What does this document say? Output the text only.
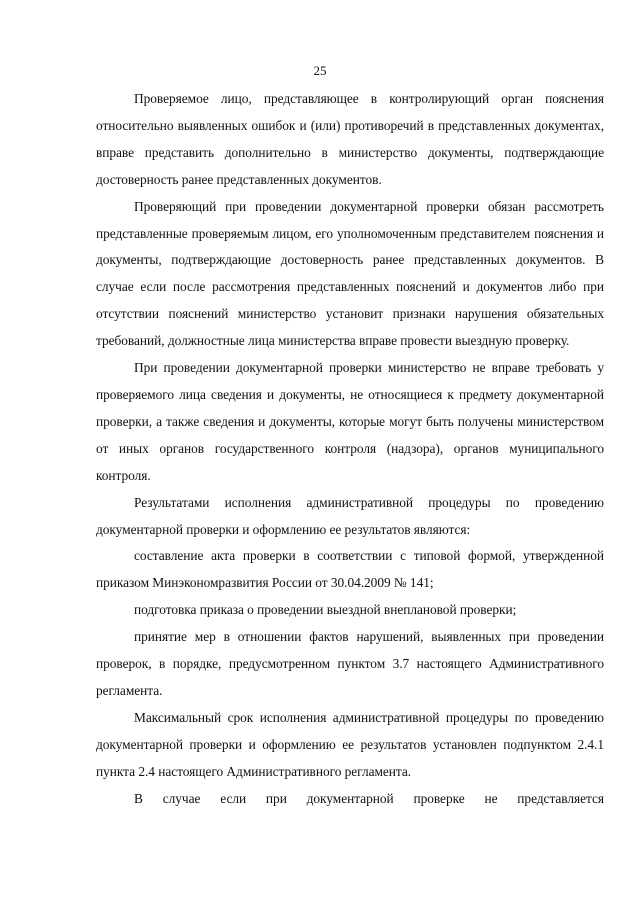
25

Проверяемое лицо, представляющее в контролирующий орган пояснения относительно выявленных ошибок и (или) противоречий в представленных документах, вправе представить дополнительно в министерство документы, подтверждающие достоверность ранее представленных документов.

Проверяющий при проведении документарной проверки обязан рассмотреть представленные проверяемым лицом, его уполномоченным представителем пояснения и документы, подтверждающие достоверность ранее представленных документов. В случае если после рассмотрения представленных пояснений и документов либо при отсутствии пояснений министерство установит признаки нарушения обязательных требований, должностные лица министерства вправе провести выездную проверку.

При проведении документарной проверки министерство не вправе требовать у проверяемого лица сведения и документы, не относящиеся к предмету документарной проверки, а также сведения и документы, которые могут быть получены министерством от иных органов государственного контроля (надзора), органов муниципального контроля.

Результатами исполнения административной процедуры по проведению документарной проверки и оформлению ее результатов являются:

составление акта проверки в соответствии с типовой формой, утвержденной приказом Минэкономразвития России от 30.04.2009 № 141;

подготовка приказа о проведении выездной внеплановой проверки;

принятие мер в отношении фактов нарушений, выявленных при проведении проверок, в порядке, предусмотренном пунктом 3.7 настоящего Административного регламента.

Максимальный срок исполнения административной процедуры по проведению документарной проверки и оформлению ее результатов установлен подпунктом 2.4.1 пункта 2.4 настоящего Административного регламента.

В случае если при документарной проверке не представляется
